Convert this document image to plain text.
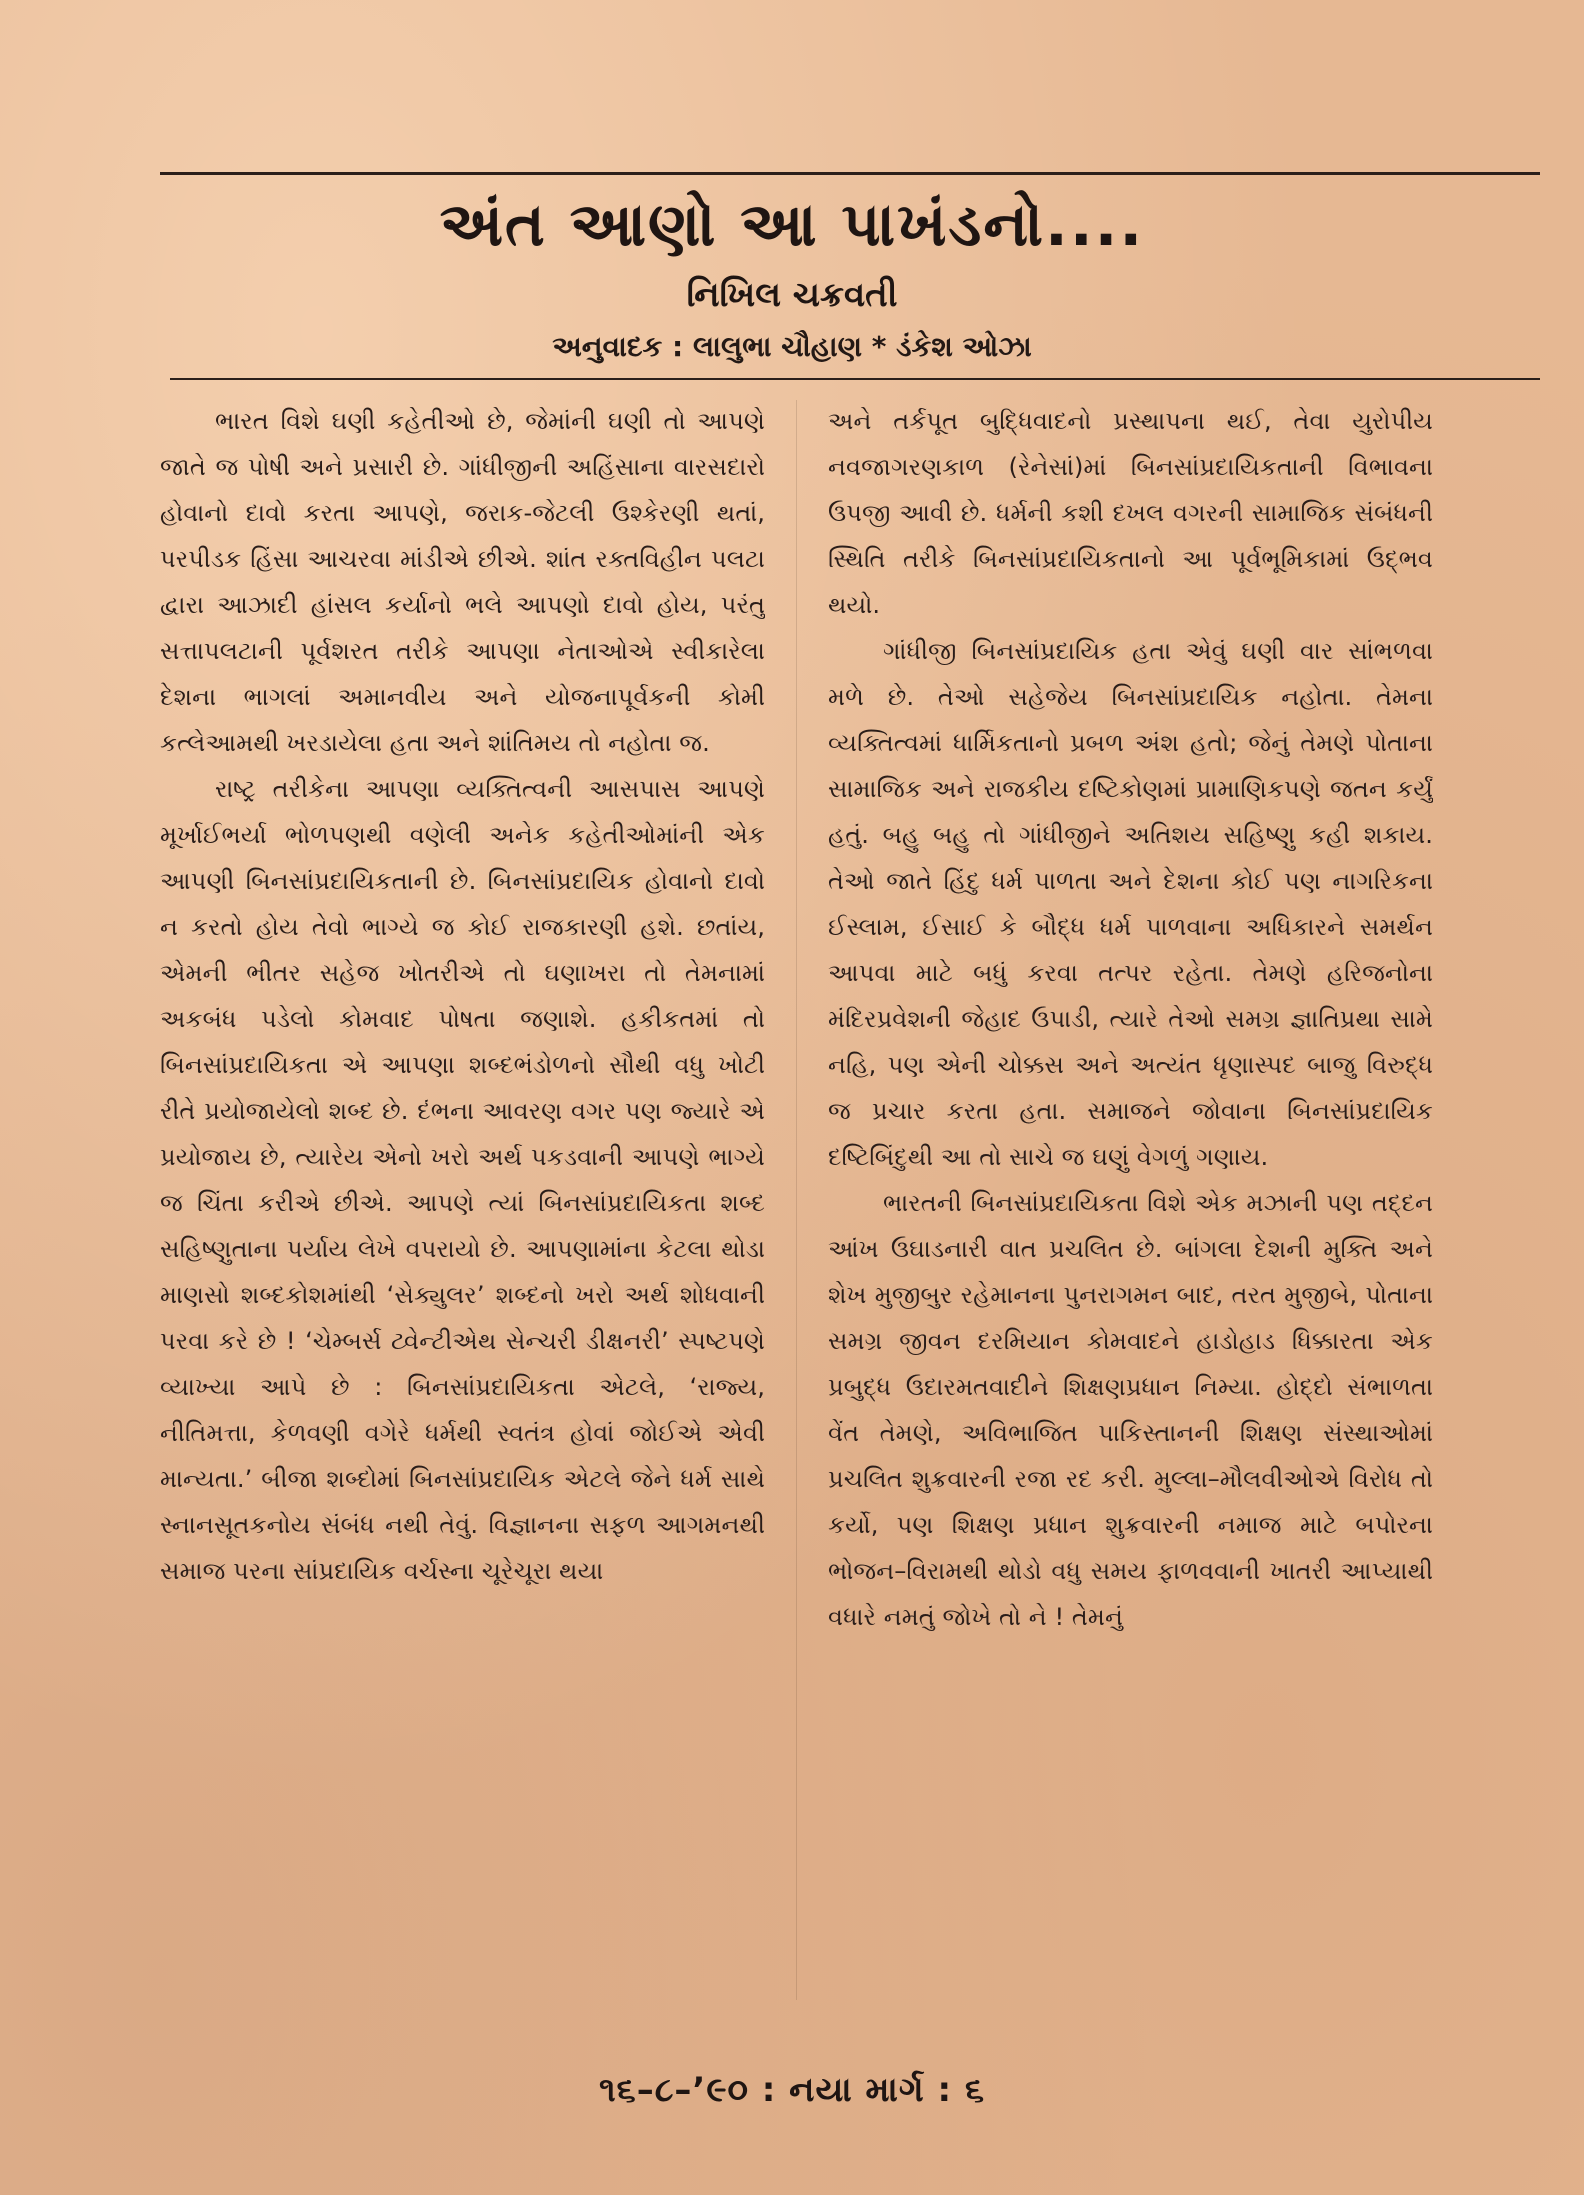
અંત આણો આ પાખંડનો....
નિખિલ ચક્રવતી
અનુવાદક : લાલુભા ચૌહાણ * ડંકેશ ઓઝા

ભારત વિશે ઘણી કહેતીઓ છે, જેમાંની ઘણી તો આપણે જાતે જ પોષી અને પ્રસારી છે. ગાંધીજીની અહિંસાના વારસદારો હોવાનો દાવો કરતા આપણે, જરાક-જેટલી ઉશ્કેરણી થતાં, પરપીડક હિંસા આચરવા માંડીએ છીએ. શાંત રક્તવિહીન પલટા દ્વારા આઝાદી હાંસલ કર્યાનો ભલે આપણો દાવો હોય, પરંતુ સત્તાપલટાની પૂર્વશરત તરીકે આપણા નેતાઓએ સ્વીકારેલા દેશના ભાગલાં અમાનવીય અને યોજનાપૂર્વકની કોમી કત્લેઆમથી ખરડાયેલા હતા અને શાંતિમય તો નહોતા જ.

રાષ્ટ્ર તરીકેના આપણા વ્યક્તિત્વની આસપાસ આપણે મૂર્ખાઈભર્યા ભોળપણથી વણેલી અનેક કહેતીઓમાંની એક આપણી બિનસાંપ્રદાયિકતાની છે. બિનસાંપ્રદાયિક હોવાનો દાવો ન કરતો હોય તેવો ભાગ્યે જ કોઈ રાજકારણી હશે. છતાંય, એમની ભીતર સહેજ ખોતરીએ તો ઘણાખરા તો તેમનામાં અકબંધ પડેલો કોમવાદ પોષતા જણાશે. હકીકતમાં તો બિનસાંપ્રદાયિકતા એ આપણા શબ્દભંડોળનો સૌથી વધુ ખોટી રીતે પ્રયોજાયેલો શબ્દ છે. દંભના આવરણ વગર પણ જ્યારે એ પ્રયોજાય છે, ત્યારેય એનો ખરો અર્થ પકડવાની આપણે ભાગ્યે જ ચિંતા કરીએ છીએ. આપણે ત્યાં બિનસાંપ્રદાયિકતા શબ્દ સહિષ્ણુતાના પર્યાય લેખે વપરાયો છે. આપણામાંના કેટલા થોડા માણસો શબ્દકોશમાંથી ‘સેક્યુલર’ શબ્દનો ખરો અર્થ શોધવાની પરવા કરે છે ! ‘ચેમ્બર્સ ટ્વેન્ટીએથ સેન્ચરી ડીક્ષનરી’ સ્પષ્ટપણે વ્યાખ્યા આપે છે : બિનસાંપ્રદાયિકતા એટલે, ‘રાજ્ય, નીતિમત્તા, કેળવણી વગેરે ધર્મથી સ્વતંત્ર હોવાં જોઈએ એવી માન્યતા.’ બીજા શબ્દોમાં બિનસાંપ્રદાયિક એટલે જેને ધર્મ સાથે સ્નાનસૂતકનોય સંબંધ નથી તેવું. વિજ્ઞાનના સફળ આગમનથી સમાજ પરના સાંપ્રદાયિક વર્ચસ્ના ચૂરેચૂરા થયા

અને તર્કપૂત બુદ્ધિવાદનો પ્રસ્થાપના થઈ, તેવા યુરોપીય નવજાગરણકાળ (રેનેસાં)માં બિનસાંપ્રદાયિકતાની વિભાવના ઉપજી આવી છે. ધર્મની કશી દખલ વગરની સામાજિક સંબંધની સ્થિતિ તરીકે બિનસાંપ્રદાયિકતાનો આ પૂર્વભૂમિકામાં ઉદ્‌ભવ થયો.

ગાંધીજી બિનસાંપ્રદાયિક હતા એવું ઘણી વાર સાંભળવા મળે છે. તેઓ સહેજેય બિનસાંપ્રદાયિક નહોતા. તેમના વ્યક્તિત્વમાં ધાર્મિકતાનો પ્રબળ અંશ હતો; જેનું તેમણે પોતાના સામાજિક અને રાજકીય દષ્ટિકોણમાં પ્રામાણિકપણે જતન કર્યું હતું. બહુ બહુ તો ગાંધીજીને અતિશય સહિષ્ણુ કહી શકાય. તેઓ જાતે હિંદુ ધર્મ પાળતા અને દેશના કોઈ પણ નાગરિકના ઈસ્લામ, ઈસાઈ કે બૌદ્ધ ધર્મ પાળવાના અધિકારને સમર્થન આપવા માટે બધું કરવા તત્પર રહેતા. તેમણે હરિજનોના મંદિરપ્રવેશની જેહાદ ઉપાડી, ત્યારે તેઓ સમગ્ર જ્ઞાતિપ્રથા સામે નહિ, પણ એની ચોક્કસ અને અત્યંત ધૃણાસ્પદ બાજુ વિરુદ્ધ જ પ્રચાર કરતા હતા. સમાજને જોવાના બિનસાંપ્રદાયિક દષ્ટિબિંદુથી આ તો સાચે જ ઘણું વેગળું ગણાય.

ભારતની બિનસાંપ્રદાયિકતા વિશે એક મઝાની પણ તદ્દન આંખ ઉઘાડનારી વાત પ્રચલિત છે. બાંગલા દેશની મુક્તિ અને શેખ મુજીબુર રહેમાનના પુનરાગમન બાદ, તરત મુજીબે, પોતાના સમગ્ર જીવન દરમિયાન કોમવાદને હાડોહાડ ધિક્કારતા એક પ્રબુદ્ધ ઉદારમતવાદીને શિક્ષણપ્રધાન નિમ્યા. હોદ્દો સંભાળતા વેંત તેમણે, અવિભાજિત પાકિસ્તાનની શિક્ષણ સંસ્થાઓમાં પ્રચલિત શુક્રવારની રજા રદ કરી. મુલ્લા–મૌલવીઓએ વિરોધ તો કર્યો, પણ શિક્ષણ પ્રધાન શુક્રવારની નમાજ માટે બપોરના ભોજન–વિરામથી થોડો વધુ સમય ફાળવવાની ખાતરી આપ્યાથી વધારે નમતું જોખે તો ને ! તેમનું

૧૬–૮–’૯૦ : નયા માર્ગ : ૬
